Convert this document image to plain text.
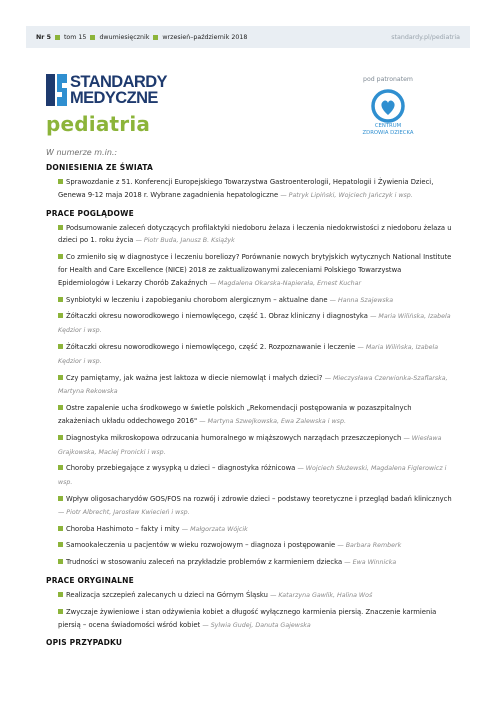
Nr 5 tom 15 dwumiesięcznik wrzesień–październik 2018	standardy.pl/pediatria
STANDARDY
MEDYCZNE
pediatria
pod patronatem
CENTRUM
ZDROWIA DZIECKA
W numerze m.in.:
DONIESIENIA ZE ŚWIATA
Sprawozdanie z 51. Konferencji Europejskiego Towarzystwa Gastroenterologii, Hepatologii i Żywienia Dzieci, Genewa 9-12 maja 2018 r. Wybrane zagadnienia hepatologiczne — Patryk Lipiński, Wojciech Jańczyk i wsp.
PRACE POGLĄDOWE
Podsumowanie zaleceń dotyczących profilaktyki niedoboru żelaza i leczenia niedokrwistości z niedoboru żelaza u dzieci po 1. roku życia — Piotr Buda, Janusz B. Książyk
Co zmieniło się w diagnostyce i leczeniu boreliozy? Porównanie nowych brytyjskich wytycznych National Institute for Health and Care Excellence (NICE) 2018 ze zaktualizowanymi zaleceniami Polskiego Towarzystwa Epidemiologów i Lekarzy Chorób Zakaźnych — Magdalena Okarska-Napierała, Ernest Kuchar
Synbiotyki w leczeniu i zapobieganiu chorobom alergicznym – aktualne dane — Hanna Szajewska
Żółtaczki okresu noworodkowego i niemowlęcego, część 1. Obraz kliniczny i diagnostyka — Maria Wilińska, Izabela Kędzior i wsp.
Żółtaczki okresu noworodkowego i niemowlęcego, część 2. Rozpoznawanie i leczenie — Maria Wilińska, Izabela Kędzior i wsp.
Czy pamiętamy, jak ważna jest laktoza w diecie niemowląt i małych dzieci? — Mieczysława Czerwionka-Szaflarska, Martyna Rekowska
Ostre zapalenie ucha środkowego w świetle polskich „Rekomendacji postępowania w pozaszpitalnych zakażeniach układu oddechowego 2016" — Martyna Szwejkowska, Ewa Zalewska i wsp.
Diagnostyka mikroskopowa odrzucania humoralnego w miąższowych narządach przeszczepionych — Wiesława Grajkowska, Maciej Pronicki i wsp.
Choroby przebiegające z wysypką u dzieci – diagnostyka różnicowa — Wojciech Służewski, Magdalena Figlerowicz i wsp.
Wpływ oligosacharydów GOS/FOS na rozwój i zdrowie dzieci – podstawy teoretyczne i przegląd badań klinicznych — Piotr Albrecht, Jarosław Kwiecień i wsp.
Choroba Hashimoto – fakty i mity — Małgorzata Wójcik
Samookaleczenia u pacjentów w wieku rozwojowym – diagnoza i postępowanie — Barbara Remberk
Trudności w stosowaniu zaleceń na przykładzie problemów z karmieniem dziecka — Ewa Winnicka
PRACE ORYGINALNE
Realizacja szczepień zalecanych u dzieci na Górnym Śląsku — Katarzyna Gawlik, Halina Woś
Zwyczaje żywieniowe i stan odżywienia kobiet a długość wyłącznego karmienia piersią. Znaczenie karmienia piersią – ocena świadomości wśród kobiet — Sylwia Gudej, Danuta Gajewska
OPIS PRZYPADKU
